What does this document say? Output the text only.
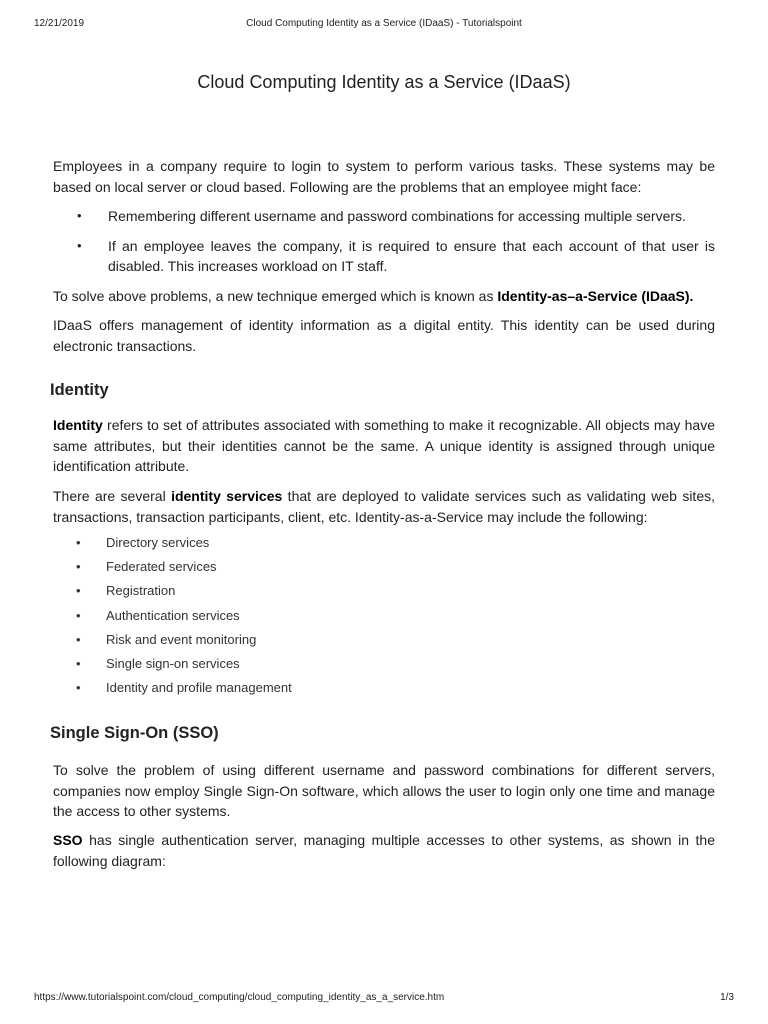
12/21/2019	Cloud Computing Identity as a Service (IDaaS) - Tutorialspoint
Cloud Computing Identity as a Service (IDaaS)

Employees in a company require to login to system to perform various tasks. These systems may be based on local server or cloud based. Following are the problems that an employee might face:

• Remembering different username and password combinations for accessing multiple servers.
• If an employee leaves the company, it is required to ensure that each account of that user is disabled. This increases workload on IT staff.

To solve above problems, a new technique emerged which is known as Identity-as–a-Service (IDaaS).

IDaaS offers management of identity information as a digital entity. This identity can be used during electronic transactions.

Identity

Identity refers to set of attributes associated with something to make it recognizable. All objects may have same attributes, but their identities cannot be the same. A unique identity is assigned through unique identification attribute.

There are several identity services that are deployed to validate services such as validating web sites, transactions, transaction participants, client, etc. Identity-as-a-Service may include the following:

• Directory services
• Federated services
• Registration
• Authentication services
• Risk and event monitoring
• Single sign-on services
• Identity and profile management
Single Sign-On (SSO)

To solve the problem of using different username and password combinations for different servers, companies now employ Single Sign-On software, which allows the user to login only one time and manage the access to other systems.

SSO has single authentication server, managing multiple accesses to other systems, as shown in the following diagram:

https://www.tutorialspoint.com/cloud_computing/cloud_computing_identity_as_a_service.htm	1/3
